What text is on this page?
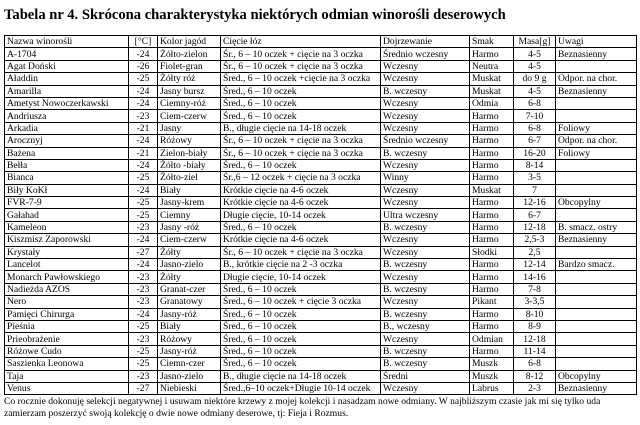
Tabela nr 4. Skrócona charakterystyka niektórych odmian winorośli deserowych
Nazwa winorośli	[°C]	Kolor jagód	Cięcie łóz	Dojrzewanie	Smak	Masa[g]	Uwagi
A-1704	-24	Żółto-zielon	Śr., 6 – 10 oczek + cięcie na 3 oczka	Średnio wczesny	Harmo	4-5	Beznasienny
Agat Doński	-26	Fiolet-gran	Śr., 6 – 10 oczek + cięcie na 3 oczka	Wczesny	Neutra	4-5	
Aładdin	-25	Żółty róż	Śred., 6 – 10 oczek +cięcie na 3 oczka	Wczesny	Muskat	do 9 g	Odpor. na chor.
Amarilla	-24	Jasny bursz	Śred., 6 – 10 oczek	B. wczesny	Muskat	4-5	Beznasienny
Ametyst Nowoczerkawski	-24	Ciemny-róż	Śred., 6 – 10 oczek	Wczesny	Odmia	6-8	
Andriusza	-23	Ciem-czerw	Śred., 6 – 10 oczek	Wczesny	Harmo	7-10	
Arkadia	-21	Jasny	B., długie cięcie na 14-18 oczek	Wczesny	Harmo	6-8	Foliowy
Arocznyj	-24	Różowy	Śr., 6 – 10 oczek + cięcie na 3 oczka	Średnio wczesny	Harmo	6-7	Odpor. na chor.
Bażena	-21	Zielon-biały	Śr., 6 – 10 oczek + cięcie na 3 oczka	B. wczesny	Harmo	16-20	Foliowy
Bełła	-24	Żółto -biały	Śred., 6 – 10 oczek	Wczesny	Harmo	8-14	
Bianca	-25	Żółto-ziel	Śr.,6 – 12 oczek + cięcie na 3 oczka	Winny	Harmo	3-5	
Biły KoKł	-24	Biały	Krótkie cięcie na 4-6 oczek	Wczesny	Muskat	7	
FVR-7-9	-25	Jasny-krem	Krótkie cięcie na 4-6 oczek	Wczesny	Harmo	12-16	Obcopylny
Gałahad	-25	Ciemny	Długie cięcie, 10-14 oczek	Ultra wczesny	Harmo	6-7	
Kameleon	-23	Jasny -róż	Śred., 6 – 10 oczek	B. wczesny	Harmo	12-18	B. smacz. ostry
Kiszmisz Zaporowski	-24	Ciem-czerw	Krótkie cięcie na 4-6 oczek	Wczesny	Harmo	2,5-3	Beznasienny
Krystały	-27	Żółty	Śr., 6 – 10 oczek + cięcie na 3 oczka	Wczesny	Słodki	2,5	
Lancelot	-24	Jasno-zielo	B., krótkie cięcie na 2 -3 oczka	B. wczesny	Harmo	12-14	Bardzo smacz.
Monarch Pawłowskiego	-23	Żółty	Długie cięcie, 10-14 oczek	Wczesny	Harmo	14-16	
Nadieżda AZOS	-23	Granat-czer	Śred., 6 – 10 oczek	B. wczesny	Harmo	7-8	
Nero	-23	Granatowy	Śred., 6 – 10 oczek + cięcie 3 oczka	Wczesny	Pikant	3-3,5	
Pamięci Chirurga	-24	Jasny-róż	Śred., 6 – 10 oczek	B. wczesny	Harmo	8-10	
Pieśnia	-25	Biały	Śred., 6 – 10 oczek	B., wczesny	Harmo	8-9	
Prieobrażenie	-23	Różowy	Śred., 6 – 10 oczek	Wczesny	Odmian	12-18	
Różowe Cudo	-25	Jasny-róż	Śred., 6 – 10 oczek	B. wczesny	Harmo	11-14	
Saszienka Leonowa	-25	Ciemn-czer	Śred., 6 – 10 oczek	B. wczesny	Muszk	6-8	
Taja	-23	Jasno-zielo	B., długie cięcie na 14-18 oczek	Średni	Muszk	8-12	Obcopylny
Venus	-27	Niebieski	Śred.,6–10 oczek+Długie 10-14 oczek	Wczesny	Labrus	2-3	Beznasienny
Co rocznie dokonuję selekcji negatywnej i usuwam niektóre krzewy z mojej kolekcji i nasadzam nowe odmiany. W najbliższym czasie jak mi się tylko uda zamierzam poszerzyć swoją kolekcję o dwie nowe odmiany deserowe, tj: Fieja i Rozmus.
